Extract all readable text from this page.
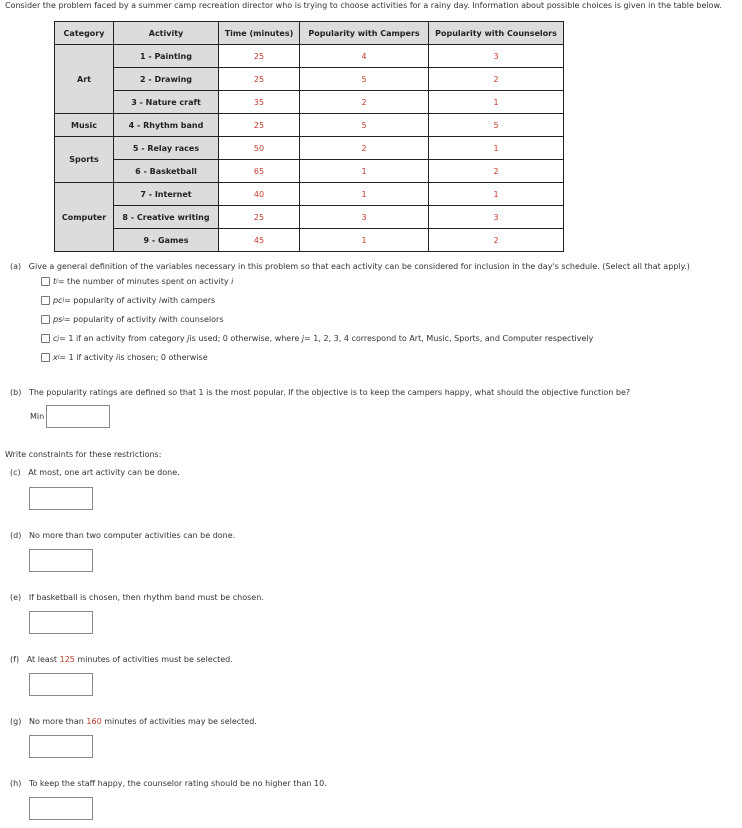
Consider the problem faced by a summer camp recreation director who is trying to choose activities for a rainy day. Information about possible choices is given in the table below.
Category	Activity	Time (minutes)	Popularity with Campers	Popularity with Counselors
Art	1 - Painting	25	4	3
	2 - Drawing	25	5	2
	3 - Nature craft	35	2	1
Music	4 - Rhythm band	25	5	5
Sports	5 - Relay races	50	2	1
	6 - Basketball	65	1	2
Computer	7 - Internet	40	1	1
	8 - Creative writing	25	3	3
	9 - Games	45	1	2
(a) Give a general definition of the variables necessary in this problem so that each activity can be considered for inclusion in the day's schedule. (Select all that apply.)
t i = the number of minutes spent on activity
i
pc i = popularity of activity
i with campers
ps i = popularity of activity
i with counselors
c j = 1 if an activity from category
j is used; 0 otherwise, where
j = 1, 2, 3, 4 correspond to Art, Music, Sports, and Computer respectively
x i = 1 if activity
i is chosen; 0 otherwise
(b) The popularity ratings are defined so that 1 is the most popular. If the objective is to keep the campers happy, what should the objective function be?
Min
Write constraints for these restrictions:
(c) At most, one art activity can be done.
(d) No more than two computer activities can be done.
(e) If basketball is chosen, then rhythm band must be chosen.
(f) At least 125 minutes of activities must be selected.
(g) No more than 160 minutes of activities may be selected.
(h) To keep the staff happy, the counselor rating should be no higher than 10.
